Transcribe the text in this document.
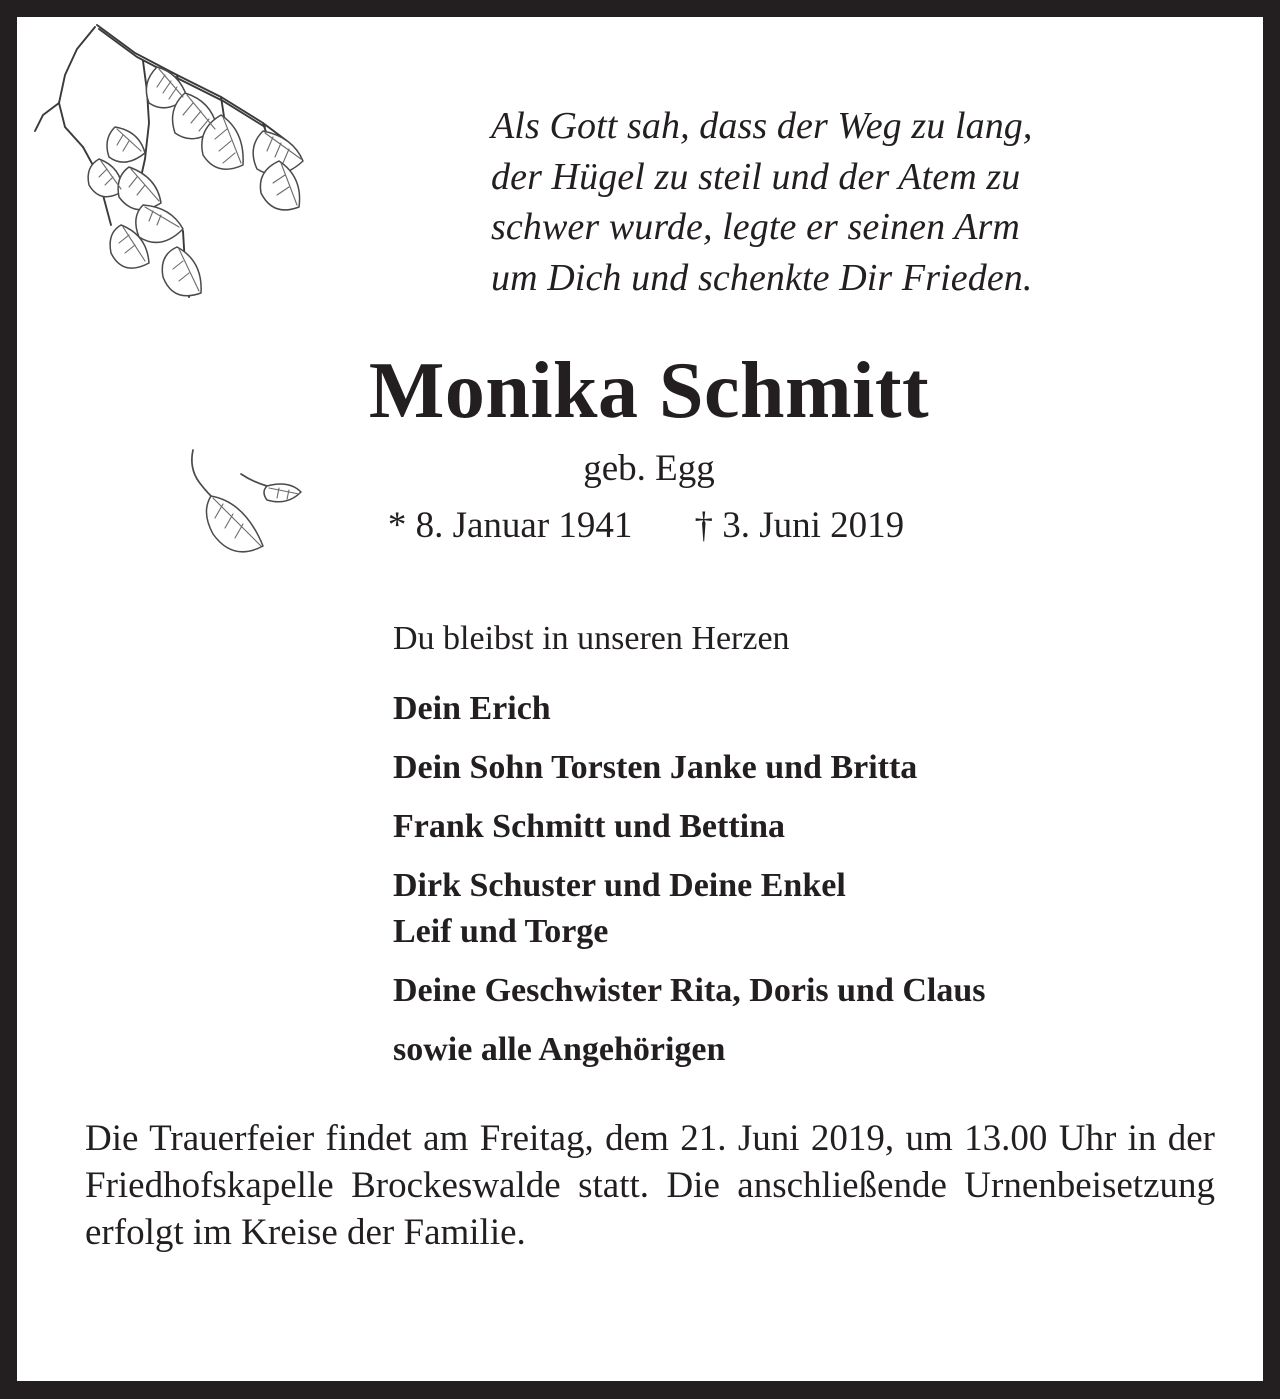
Als Gott sah, dass der Weg zu lang,
der Hügel zu steil und der Atem zu
schwer wurde, legte er seinen Arm
um Dich und schenkte Dir Frieden.
Monika Schmitt
geb. Egg
* 8. Januar 1941 † 3. Juni 2019
Du bleibst in unseren Herzen
Dein Erich
Dein Sohn Torsten Janke und Britta
Frank Schmitt und Bettina
Dirk Schuster und Deine Enkel
Leif und Torge
Deine Geschwister Rita, Doris und Claus
sowie alle Angehörigen
Die Trauerfeier findet am Freitag, dem 21. Juni 2019, um 13.00 Uhr in der Friedhofskapelle Brockeswalde statt. Die anschließende Urnenbeisetzung erfolgt im Kreise der Familie.
